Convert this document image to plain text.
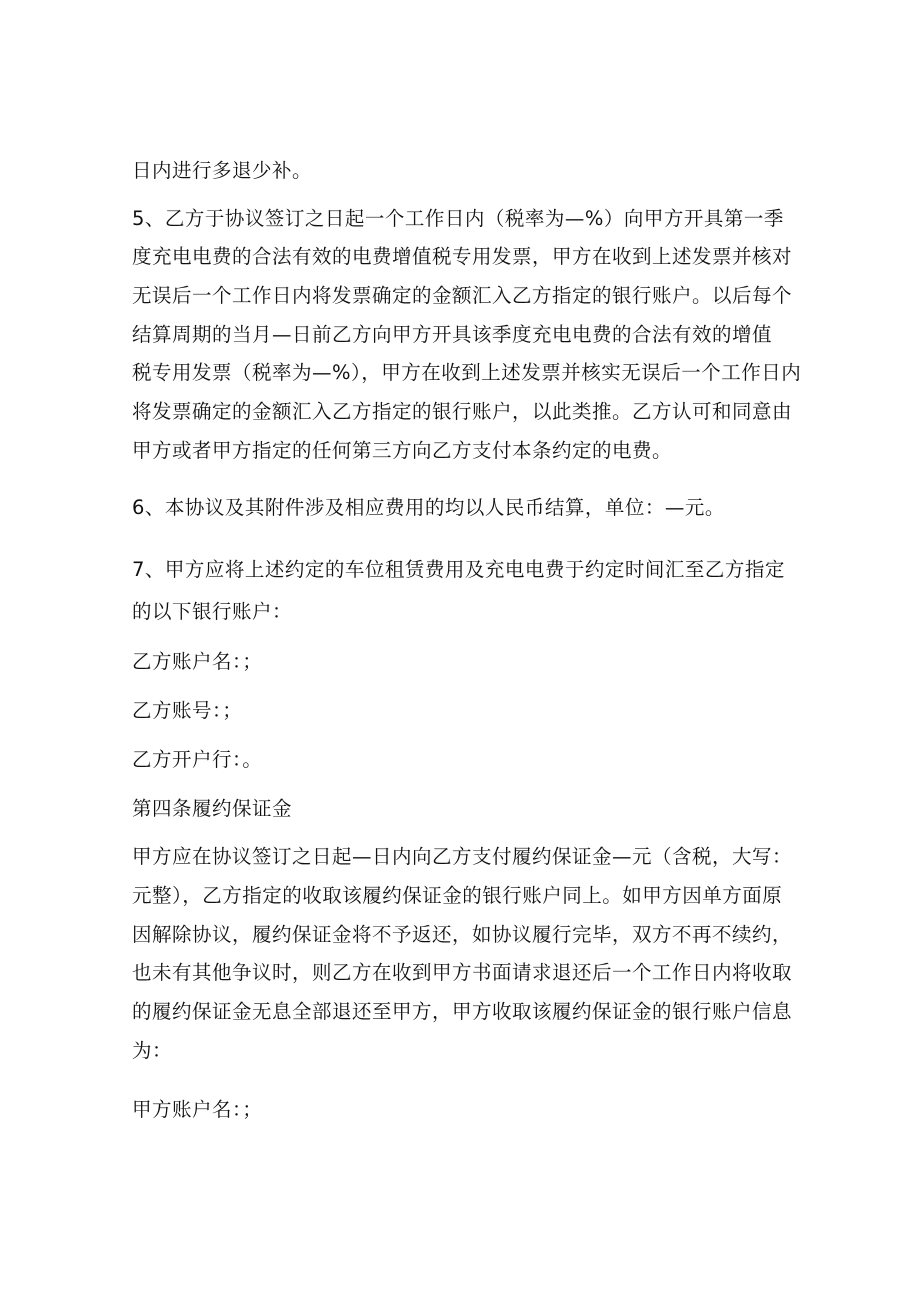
日内进行多退少补。
5、乙方于协议签订之日起一个工作日内（税率为—%）向甲方开具第一季
度充电电费的合法有效的电费增值税专用发票，甲方在收到上述发票并核对
无误后一个工作日内将发票确定的金额汇入乙方指定的银行账户。以后每个
结算周期的当月—日前乙方向甲方开具该季度充电电费的合法有效的增值
税专用发票（税率为—%），甲方在收到上述发票并核实无误后一个工作日内
将发票确定的金额汇入乙方指定的银行账户，以此类推。乙方认可和同意由
甲方或者甲方指定的任何第三方向乙方支付本条约定的电费。
6、本协议及其附件涉及相应费用的均以人民币结算，单位：—元。
7、甲方应将上述约定的车位租赁费用及充电电费于约定时间汇至乙方指定
的以下银行账户：
乙方账户名：；
乙方账号：；
乙方开户行：。
第四条履约保证金
甲方应在协议签订之日起—日内向乙方支付履约保证金—元（含税，大写：
元整），乙方指定的收取该履约保证金的银行账户同上。如甲方因单方面原
因解除协议，履约保证金将不予返还，如协议履行完毕，双方不再不续约，
也未有其他争议时，则乙方在收到甲方书面请求退还后一个工作日内将收取
的履约保证金无息全部退还至甲方，甲方收取该履约保证金的银行账户信息
为：
甲方账户名：；
